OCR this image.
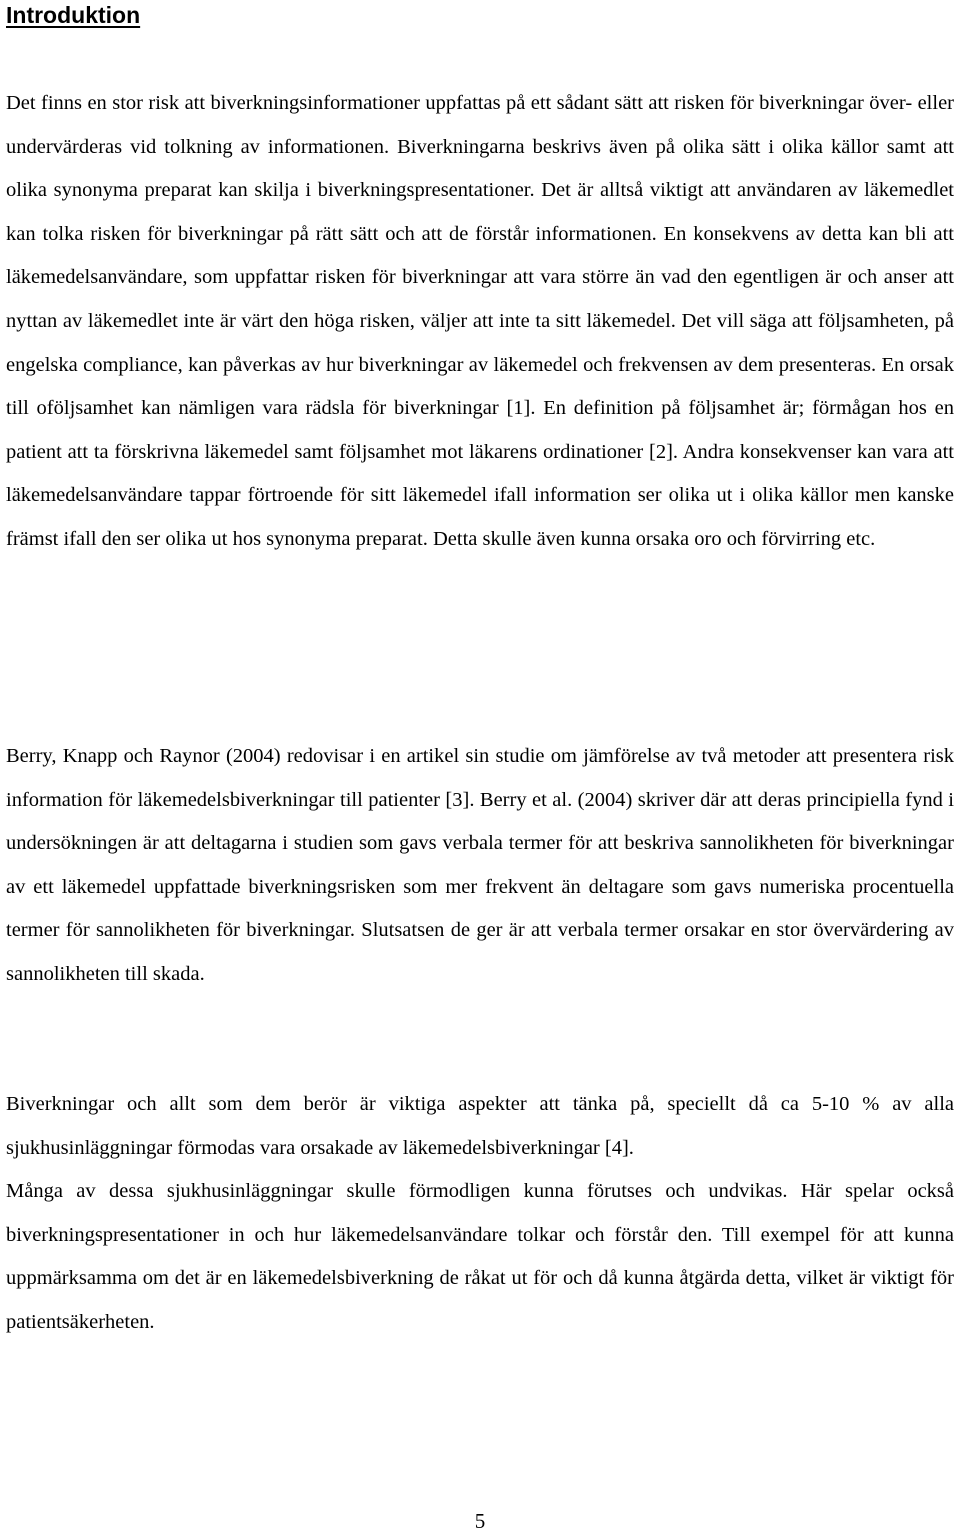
Introduktion

Det finns en stor risk att biverkningsinformationer uppfattas på ett sådant sätt att risken för biverkningar över- eller undervärderas vid tolkning av informationen. Biverkningarna beskrivs även på olika sätt i olika källor samt att olika synonyma preparat kan skilja i biverkningspresentationer. Det är alltså viktigt att användaren av läkemedlet kan tolka risken för biverkningar på rätt sätt och att de förstår informationen. En konsekvens av detta kan bli att läkemedelsanvändare, som uppfattar risken för biverkningar att vara större än vad den egentligen är och anser att nyttan av läkemedlet inte är värt den höga risken, väljer att inte ta sitt läkemedel. Det vill säga att följsamheten, på engelska compliance, kan påverkas av hur biverkningar av läkemedel och frekvensen av dem presenteras. En orsak till oföljsamhet kan nämligen vara rädsla för biverkningar [1]. En definition på följsamhet är; förmågan hos en patient att ta förskrivna läkemedel samt följsamhet mot läkarens ordinationer [2]. Andra konsekvenser kan vara att läkemedelsanvändare tappar förtroende för sitt läkemedel ifall information ser olika ut i olika källor men kanske främst ifall den ser olika ut hos synonyma preparat. Detta skulle även kunna orsaka oro och förvirring etc.

Berry, Knapp och Raynor (2004) redovisar i en artikel sin studie om jämförelse av två metoder att presentera risk information för läkemedelsbiverkningar till patienter [3]. Berry et al. (2004) skriver där att deras principiella fynd i undersökningen är att deltagarna i studien som gavs verbala termer för att beskriva sannolikheten för biverkningar av ett läkemedel uppfattade biverkningsrisken som mer frekvent än deltagare som gavs numeriska procentuella termer för sannolikheten för biverkningar. Slutsatsen de ger är att verbala termer orsakar en stor övervärdering av sannolikheten till skada.

Biverkningar och allt som dem berör är viktiga aspekter att tänka på, speciellt då ca 5-10 % av alla sjukhusinläggningar förmodas vara orsakade av läkemedelsbiverkningar [4].

Många av dessa sjukhusinläggningar skulle förmodligen kunna förutses och undvikas. Här spelar också biverkningspresentationer in och hur läkemedelsanvändare tolkar och förstår den. Till exempel för att kunna uppmärksamma om det är en läkemedelsbiverkning de råkat ut för och då kunna åtgärda detta, vilket är viktigt för patientsäkerheten.

5
